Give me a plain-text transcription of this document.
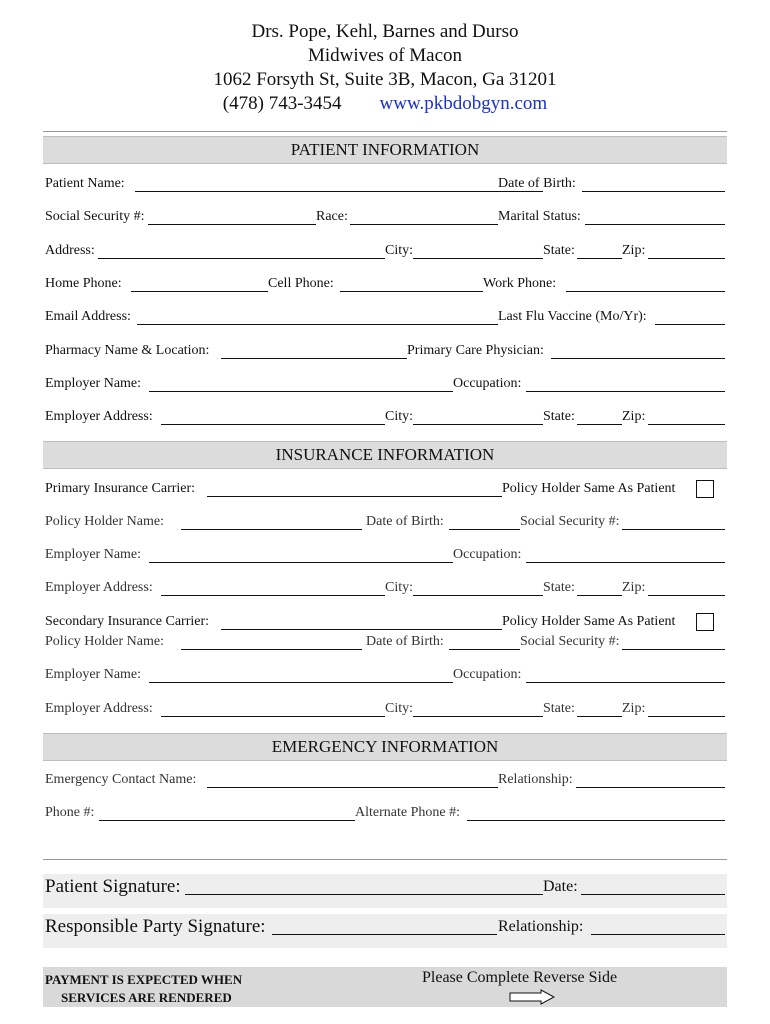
Drs. Pope, Kehl, Barnes and Durso
Midwives of Macon
1062 Forsyth St, Suite 3B, Macon, Ga 31201
(478) 743-3454 www.pkbdobgyn.com
PATIENT INFORMATION
Patient Name:	Date of Birth:
Social Security #:	Race:	Marital Status:
Address:	City:	State:	Zip:
Home Phone:	Cell Phone:	Work Phone:
Email Address:	Last Flu Vaccine (Mo/Yr):
Pharmacy Name & Location:	Primary Care Physician:
Employer Name:	Occupation:
Employer Address:	City:	State:	Zip:
INSURANCE INFORMATION
Primary Insurance Carrier:	Policy Holder Same As Patient
Policy Holder Name:	Date of Birth:	Social Security #:
Employer Name:	Occupation:
Employer Address:	City:	State:	Zip:
Secondary Insurance Carrier:	Policy Holder Same As Patient
Policy Holder Name:	Date of Birth:	Social Security #:
Employer Name:	Occupation:
Employer Address:	City:	State:	Zip:
EMERGENCY INFORMATION
Emergency Contact Name:	Relationship:
Phone #:	Alternate Phone #:
Patient Signature:	Date:
Responsible Party Signature:	Relationship:
PAYMENT IS EXPECTED WHEN
SERVICES ARE RENDERED
Please Complete Reverse Side
